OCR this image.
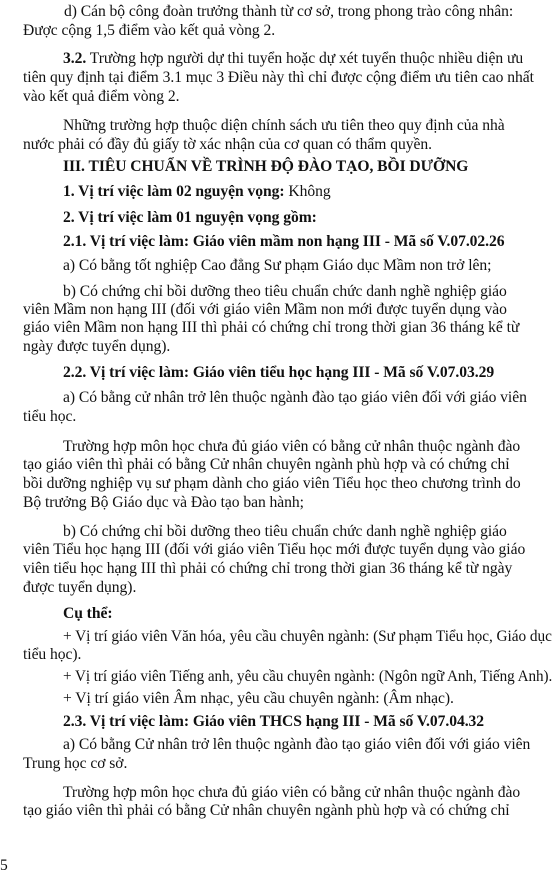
d) Cán bộ công đoàn trưởng thành từ cơ sở, trong phong trào công nhân:
Được cộng 1,5 điểm vào kết quả vòng 2.
3.2. Trường hợp người dự thi tuyển hoặc dự xét tuyển thuộc nhiều diện ưu
tiên quy định tại điểm 3.1 mục 3 Điều này thì chỉ được cộng điểm ưu tiên cao nhất
vào kết quả điểm vòng 2.
Những trường hợp thuộc diện chính sách ưu tiên theo quy định của nhà
nước phải có đầy đủ giấy tờ xác nhận của cơ quan có thẩm quyền.
III. TIÊU CHUẨN VỀ TRÌNH ĐỘ ĐÀO TẠO, BỒI DƯỠNG
1. Vị trí việc làm 02 nguyện vọng: Không
2. Vị trí việc làm 01 nguyện vọng gồm:
2.1. Vị trí việc làm: Giáo viên mầm non hạng III - Mã số V.07.02.26
a) Có bằng tốt nghiệp Cao đẳng Sư phạm Giáo dục Mầm non trở lên;
b) Có chứng chỉ bồi dưỡng theo tiêu chuẩn chức danh nghề nghiệp giáo
viên Mầm non hạng III (đối với giáo viên Mầm non mới được tuyển dụng vào
giáo viên Mầm non hạng III thì phải có chứng chỉ trong thời gian 36 tháng kể từ
ngày được tuyển dụng).
2.2. Vị trí việc làm: Giáo viên tiểu học hạng III - Mã số V.07.03.29
a) Có bằng cử nhân trở lên thuộc ngành đào tạo giáo viên đối với giáo viên
tiểu học.
Trường hợp môn học chưa đủ giáo viên có bằng cử nhân thuộc ngành đào
tạo giáo viên thì phải có bằng Cử nhân chuyên ngành phù hợp và có chứng chỉ
bồi dưỡng nghiệp vụ sư phạm dành cho giáo viên Tiểu học theo chương trình do
Bộ trưởng Bộ Giáo dục và Đào tạo ban hành;
b) Có chứng chỉ bồi dưỡng theo tiêu chuẩn chức danh nghề nghiệp giáo
viên Tiểu học hạng III (đối với giáo viên Tiểu học mới được tuyển dụng vào giáo
viên tiểu học hạng III thì phải có chứng chỉ trong thời gian 36 tháng kể từ ngày
được tuyển dụng).
Cụ thể:
+ Vị trí giáo viên Văn hóa, yêu cầu chuyên ngành: (Sư phạm Tiểu học, Giáo dục
tiểu học).
+ Vị trí giáo viên Tiếng anh, yêu cầu chuyên ngành: (Ngôn ngữ Anh, Tiếng Anh).
+ Vị trí giáo viên Âm nhạc, yêu cầu chuyên ngành: (Âm nhạc).
2.3. Vị trí việc làm: Giáo viên THCS hạng III - Mã số V.07.04.32
a) Có bằng Cử nhân trở lên thuộc ngành đào tạo giáo viên đối với giáo viên
Trung học cơ sở.
Trường hợp môn học chưa đủ giáo viên có bằng cử nhân thuộc ngành đào
tạo giáo viên thì phải có bằng Cử nhân chuyên ngành phù hợp và có chứng chỉ
5
